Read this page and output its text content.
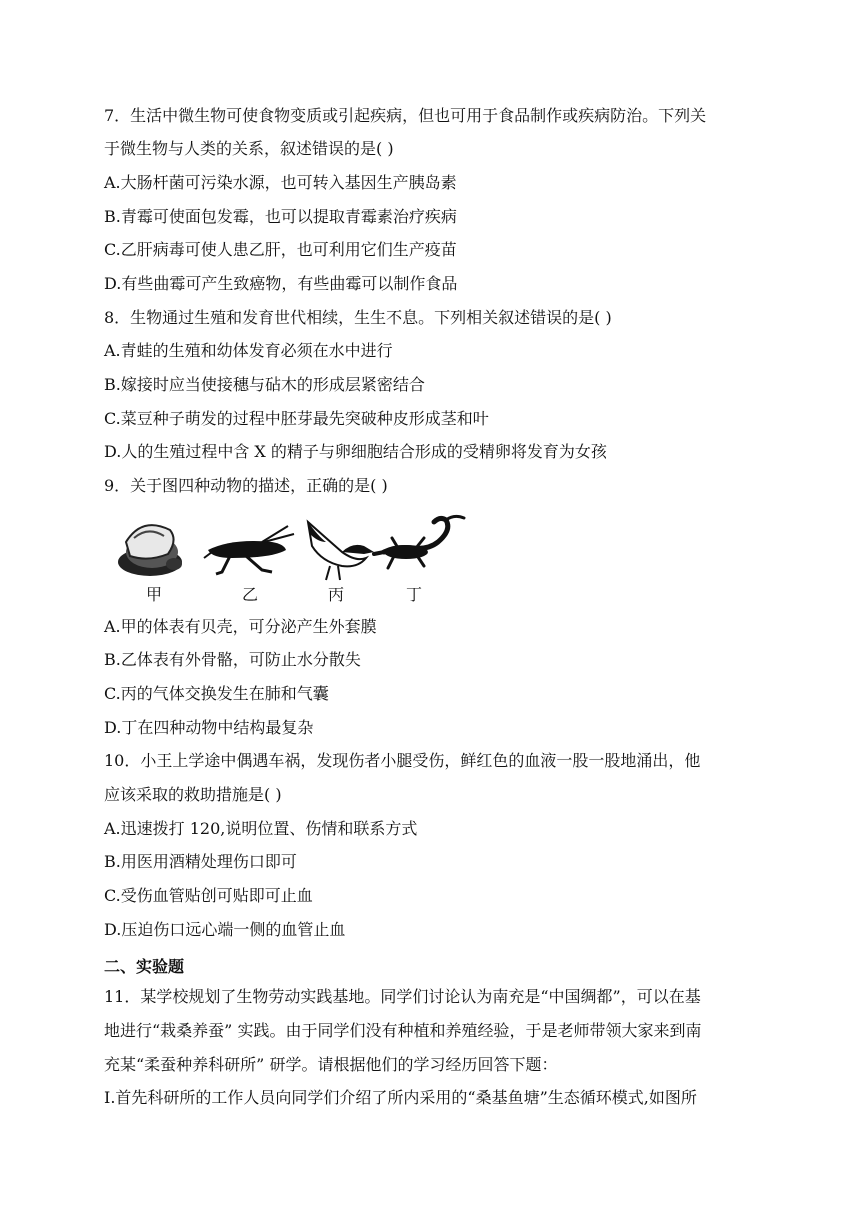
7．生活中微生物可使食物变质或引起疾病，但也可用于食品制作或疾病防治。下列关
于微生物与人类的关系，叙述错误的是( )
A.大肠杆菌可污染水源，也可转入基因生产胰岛素
B.青霉可使面包发霉，也可以提取青霉素治疗疾病
C.乙肝病毒可使人患乙肝，也可利用它们生产疫苗
D.有些曲霉可产生致癌物，有些曲霉可以制作食品
8．生物通过生殖和发育世代相续，生生不息。下列相关叙述错误的是( )
A.青蛙的生殖和幼体发育必须在水中进行
B.嫁接时应当使接穗与砧木的形成层紧密结合
C.菜豆种子萌发的过程中胚芽最先突破种皮形成茎和叶
D.人的生殖过程中含 X 的精子与卵细胞结合形成的受精卵将发育为女孩
9．关于图四种动物的描述，正确的是( )
甲	乙	丙	丁
A.甲的体表有贝壳，可分泌产生外套膜
B.乙体表有外骨骼，可防止水分散失
C.丙的气体交换发生在肺和气囊
D.丁在四种动物中结构最复杂
10．小王上学途中偶遇车祸，发现伤者小腿受伤，鲜红色的血液一股一股地涌出，他
应该采取的救助措施是( )
A.迅速拨打 120,说明位置、伤情和联系方式
B.用医用酒精处理伤口即可
C.受伤血管贴创可贴即可止血
D.压迫伤口远心端一侧的血管止血
二、实验题
11．某学校规划了生物劳动实践基地。同学们讨论认为南充是“中国绸都”，可以在基
地进行“栽桑养蚕” 实践。由于同学们没有种植和养殖经验，于是老师带领大家来到南
充某“柔蚕种养科研所” 研学。请根据他们的学习经历回答下题：
Ⅰ.首先科研所的工作人员向同学们介绍了所内采用的“桑基鱼塘”生态循环模式,如图所
